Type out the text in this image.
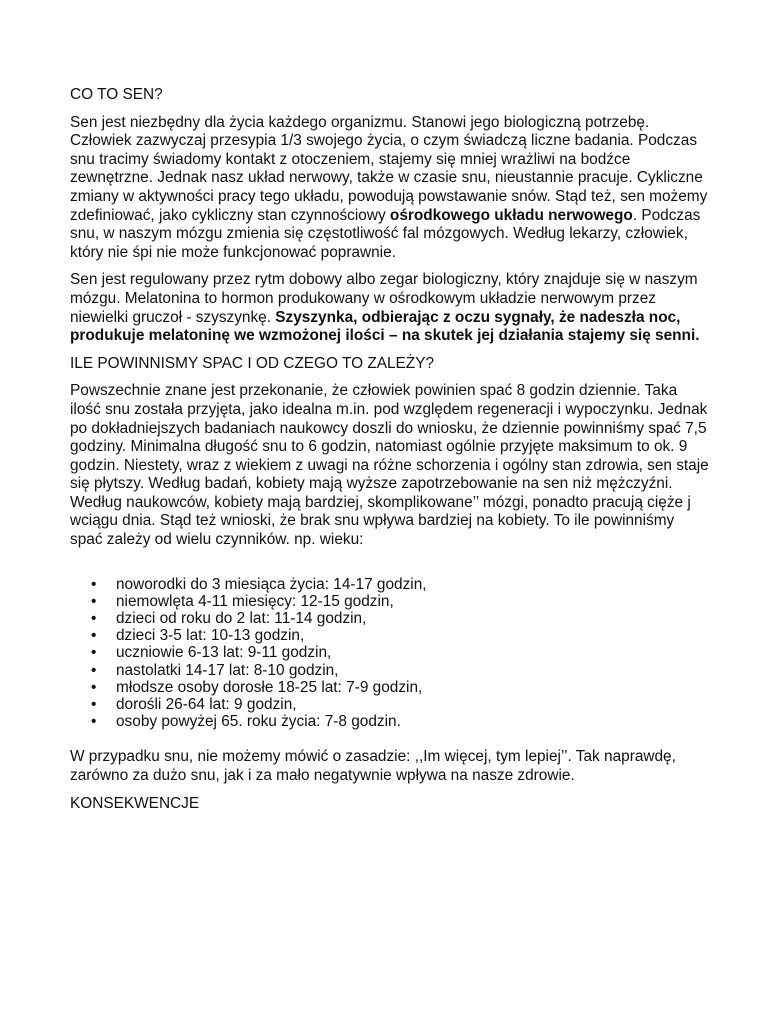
CO TO SEN?

Sen jest niezbędny dla życia każdego organizmu. Stanowi jego biologiczną potrzebę. Człowiek zazwyczaj przesypia 1/3 swojego życia, o czym świadczą liczne badania. Podczas snu tracimy świadomy kontakt z otoczeniem, stajemy się mniej wrażliwi na bodźce zewnętrzne. Jednak nasz układ nerwowy, także w czasie snu, nieustannie pracuje. Cykliczne zmiany w aktywności pracy tego układu, powodują powstawanie snów. Stąd też, sen możemy zdefiniować, jako cykliczny stan czynnościowy ośrodkowego układu nerwowego. Podczas snu, w naszym mózgu zmienia się częstotliwość fal mózgowych. Według lekarzy, człowiek, który nie śpi nie może funkcjonować poprawnie.

Sen jest regulowany przez rytm dobowy albo zegar biologiczny, który znajduje się w naszym mózgu. Melatonina to hormon produkowany w ośrodkowym układzie nerwowym przez niewielki gruczoł - szyszynkę. Szyszynka, odbierając z oczu sygnały, że nadeszła noc, produkuje melatoninę we wzmożonej ilości – na skutek jej działania stajemy się senni.

ILE POWINNISMY SPAC I OD CZEGO TO ZALEŻY?

Powszechnie znane jest przekonanie, że człowiek powinien spać 8 godzin dziennie. Taka ilość snu została przyjęta, jako idealna m.in. pod względem regeneracji i wypoczynku. Jednak po dokładniejszych badaniach naukowcy doszli do wniosku, że dziennie powinniśmy spać 7,5 godziny. Minimalna długość snu to 6 godzin, natomiast ogólnie przyjęte maksimum to ok. 9 godzin. Niestety, wraz z wiekiem z uwagi na różne schorzenia i ogólny stan zdrowia, sen staje się płytszy. Według badań, kobiety mają wyższe zapotrzebowanie na sen niż mężczyźni. Według naukowców, kobiety mają bardziej, skomplikowane’’ mózgi, ponadto pracują cięże j wciągu dnia. Stąd też wnioski, że brak snu wpływa bardziej na kobiety. To ile powinniśmy spać zależy od wielu czynników. np. wieku:

• noworodki do 3 miesiąca życia: 14-17 godzin,
• niemowlęta 4-11 miesięcy: 12-15 godzin,
• dzieci od roku do 2 lat: 11-14 godzin,
• dzieci 3-5 lat: 10-13 godzin,
• uczniowie 6-13 lat: 9-11 godzin,
• nastolatki 14-17 lat: 8-10 godzin,
• młodsze osoby dorosłe 18-25 lat: 7-9 godzin,
• dorośli 26-64 lat: 9 godzin,
• osoby powyżej 65. roku życia: 7-8 godzin.

W przypadku snu, nie możemy mówić o zasadzie: ,,Im więcej, tym lepiej’’. Tak naprawdę, zarówno za dużo snu, jak i za mało negatywnie wpływa na nasze zdrowie.

KONSEKWENCJE
